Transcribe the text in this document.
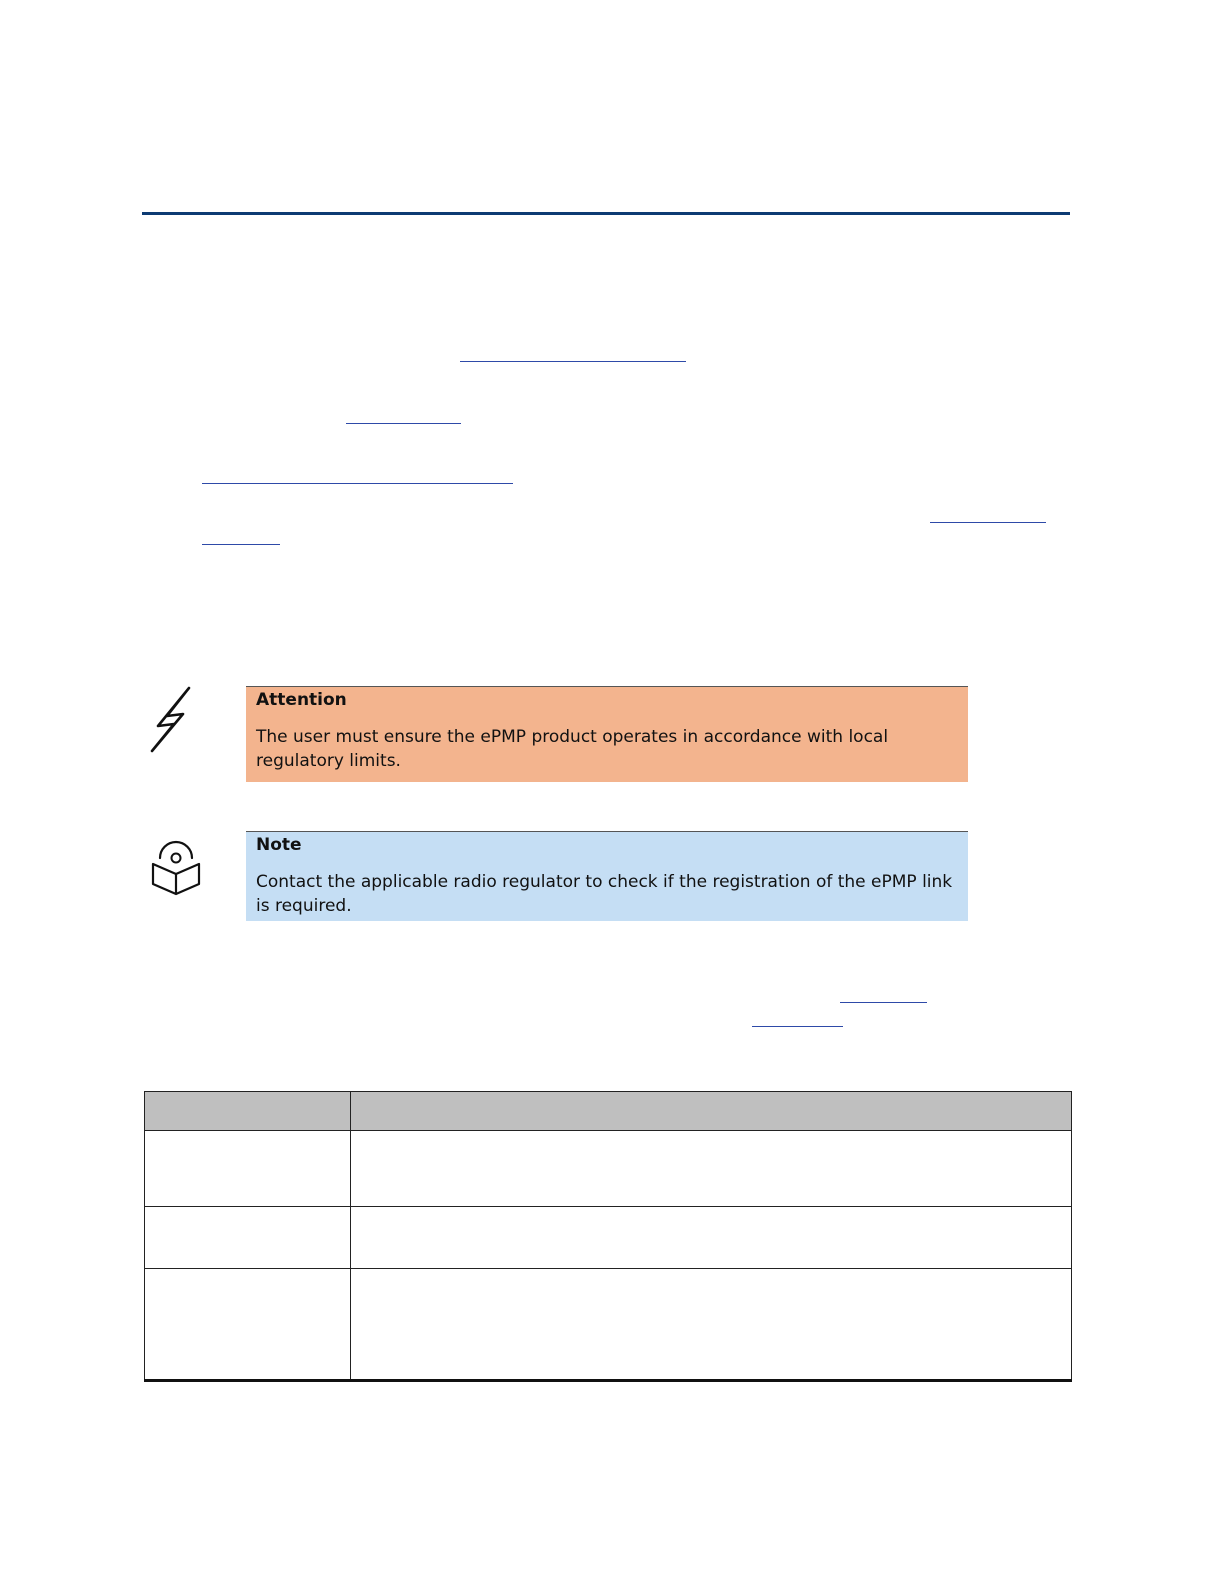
Attention
The user must ensure the ePMP product operates in accordance with local regulatory limits.
Note
Contact the applicable radio regulator to check if the registration of the ePMP link is required.
